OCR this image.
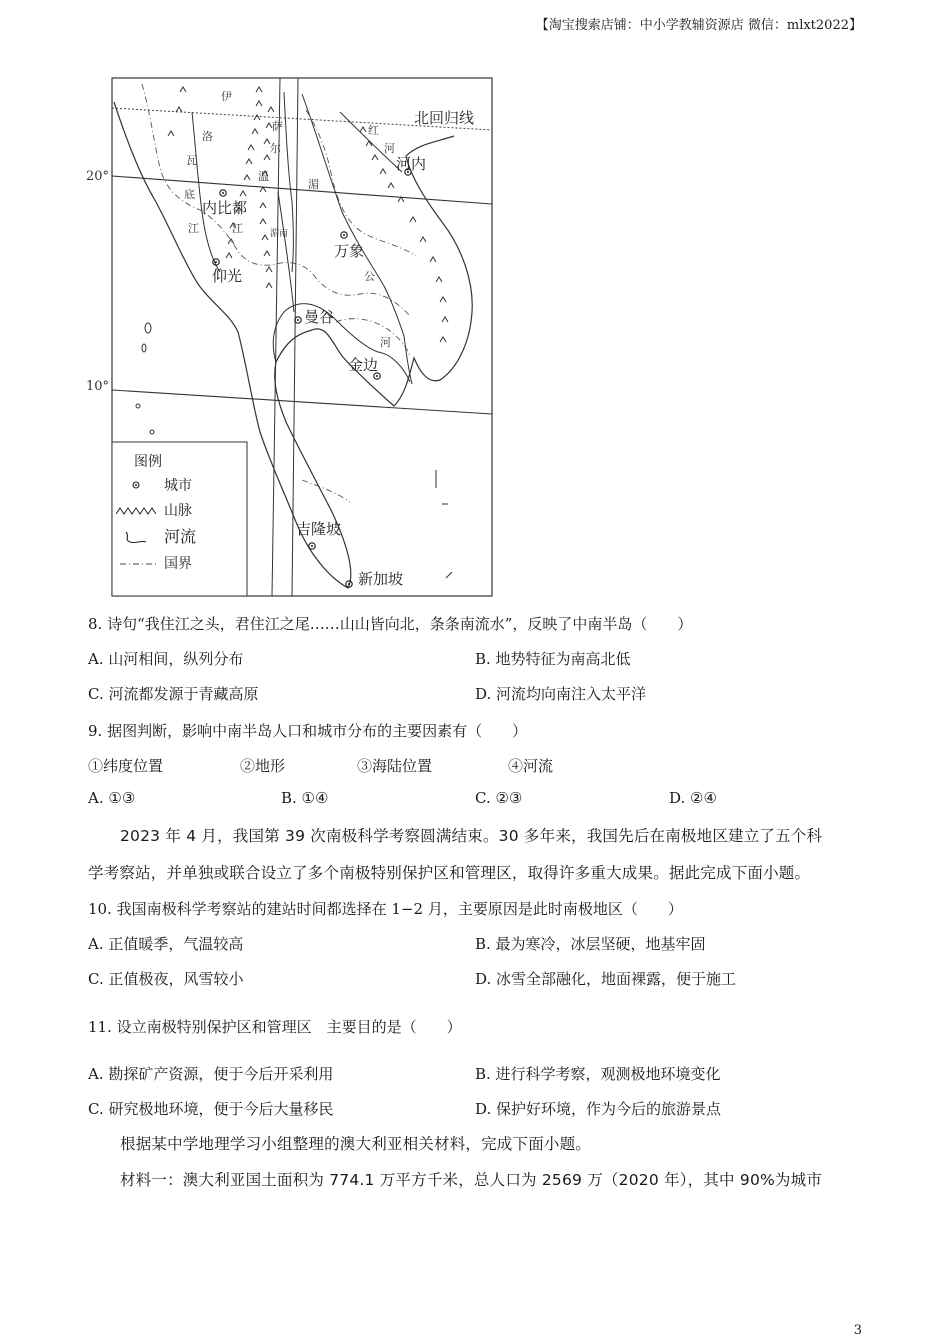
【淘宝搜索店铺：中小学教辅资源店 微信：mlxt2022】
北回归线
20°
10°
河内
内比都
万象
仰光
曼谷
金边
吉隆坡
新加坡
伊
洛
瓦
底
江
萨
尔
温
江
湄
公
河
红
河
湄南
图例
城市
山脉
河流
国界
8. 诗句“我住江之头，君住江之尾……山山皆向北，条条南流水”，反映了中南半岛（　　）
A. 山河相间，纵列分布	B. 地势特征为南高北低
C. 河流都发源于青藏高原	D. 河流均向南注入太平洋
9. 据图判断，影响中南半岛人口和城市分布的主要因素有（　　）
①纬度位置	②地形	③海陆位置	④河流
A. ①③	B. ①④	C. ②③	D. ②④
2023 年 4 月，我国第 39 次南极科学考察圆满结束。30 多年来，我国先后在南极地区建立了五个科
学考察站，并单独或联合设立了多个南极特别保护区和管理区，取得许多重大成果。据此完成下面小题。
10. 我国南极科学考察站的建站时间都选择在 1−2 月，主要原因是此时南极地区（　　）
A. 正值暖季，气温较高	B. 最为寒冷，冰层坚硬，地基牢固
C. 正值极夜，风雪较小	D. 冰雪全部融化，地面裸露，便于施工
11. 设立南极特别保护区和管理区　主要目的是（　　）
A. 勘探矿产资源，便于今后开采利用	B. 进行科学考察，观测极地环境变化
C. 研究极地环境，便于今后大量移民	D. 保护好环境，作为今后的旅游景点
根据某中学地理学习小组整理的澳大利亚相关材料，完成下面小题。
材料一：澳大利亚国土面积为 774.1 万平方千米，总人口为 2569 万（2020 年），其中 90%为城市
3
